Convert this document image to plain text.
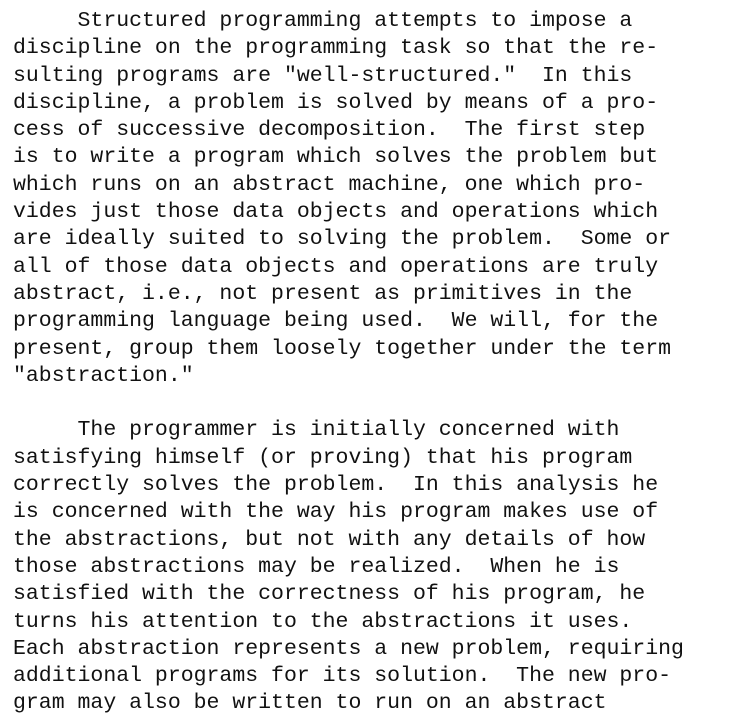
Structured programming attempts to impose a
discipline on the programming task so that the re-
sulting programs are "well-structured."  In this
discipline, a problem is solved by means of a pro-
cess of successive decomposition.  The first step
is to write a program which solves the problem but
which runs on an abstract machine, one which pro-
vides just those data objects and operations which
are ideally suited to solving the problem.  Some or
all of those data objects and operations are truly
abstract, i.e., not present as primitives in the
programming language being used.  We will, for the
present, group them loosely together under the term
"abstraction."

The programmer is initially concerned with
satisfying himself (or proving) that his program
correctly solves the problem.  In this analysis he
is concerned with the way his program makes use of
the abstractions, but not with any details of how
those abstractions may be realized.  When he is
satisfied with the correctness of his program, he
turns his attention to the abstractions it uses.
Each abstraction represents a new problem, requiring
additional programs for its solution.  The new pro-
gram may also be written to run on an abstract
